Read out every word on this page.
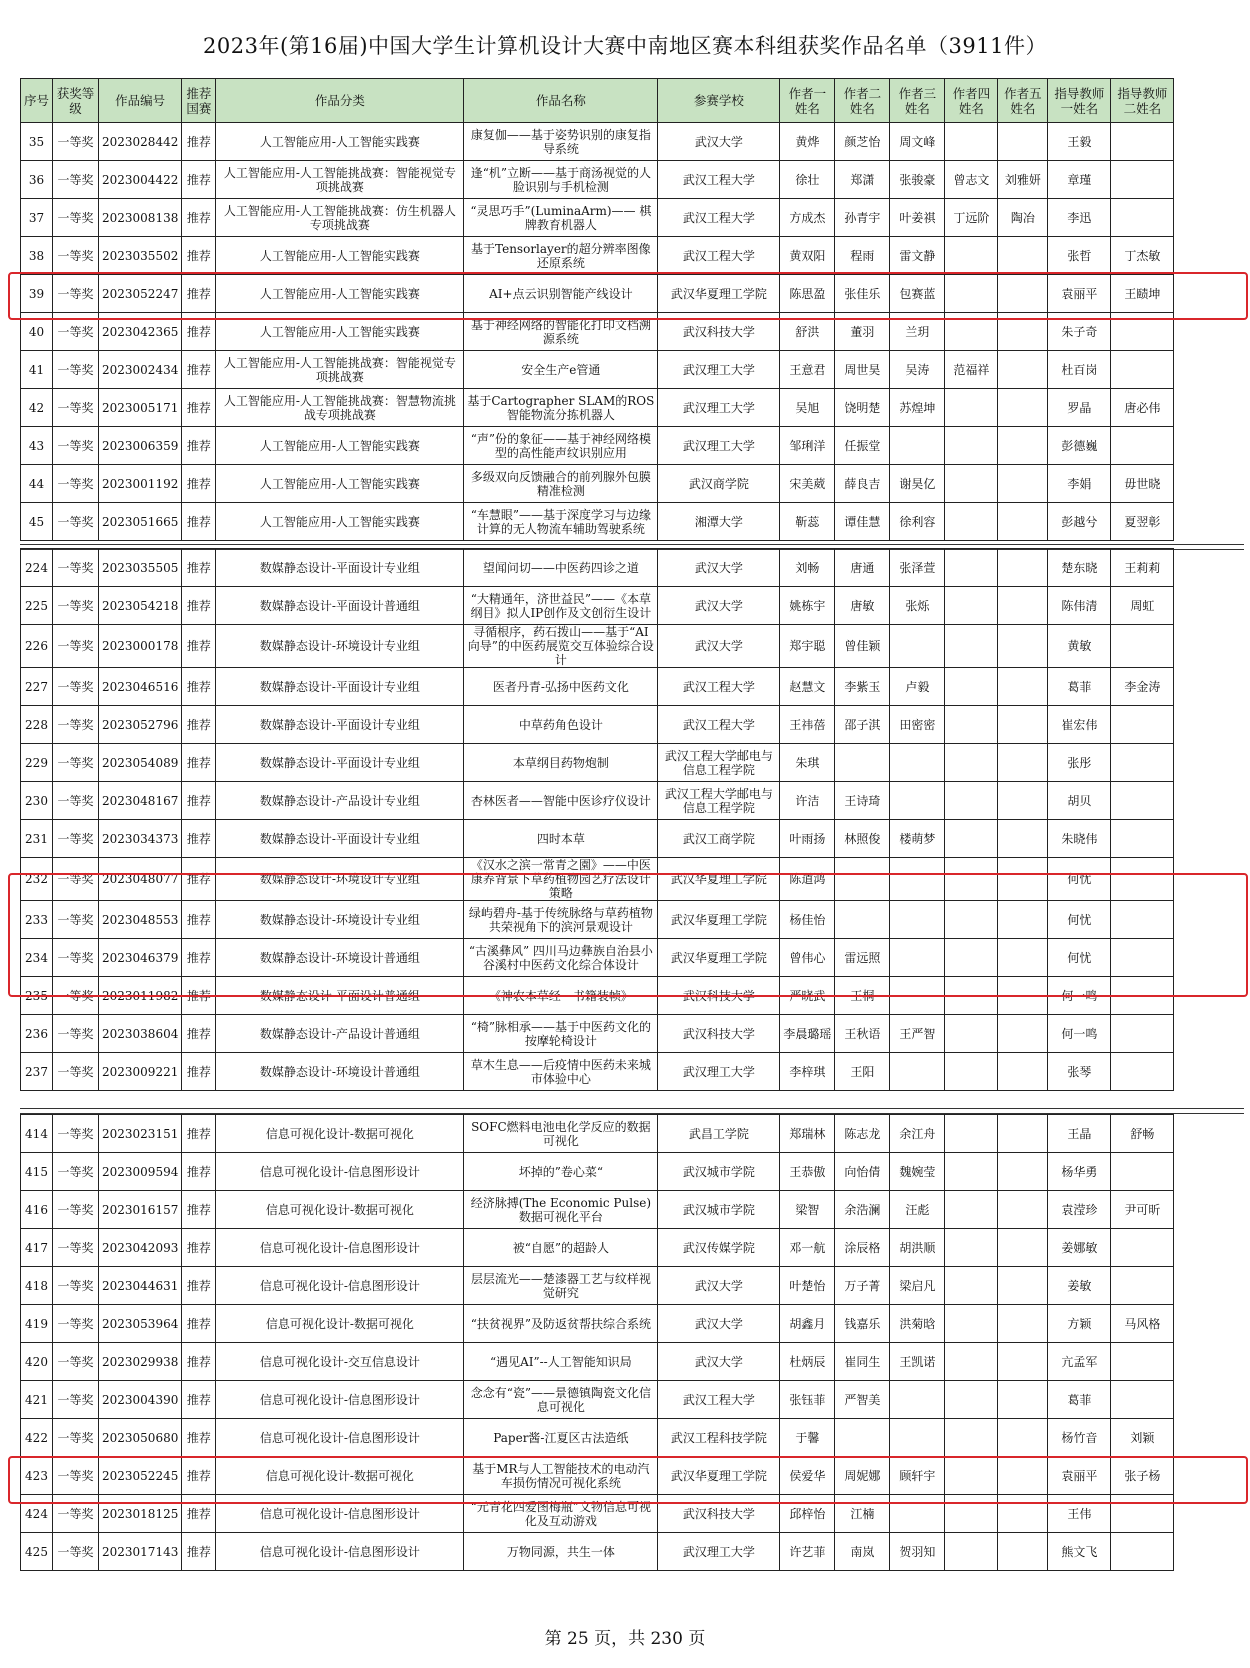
2023年(第16届)中国大学生计算机设计大赛中南地区赛本科组获奖作品名单（3911件）
序号	获奖等级	作品编号	推荐国赛	作品分类	作品名称	参赛学校	作者一姓名	作者二姓名	作者三姓名	作者四姓名	作者五姓名	指导教师一姓名	指导教师二姓名
35	一等奖	2023028442	推荐	人工智能应用-人工智能实践赛	康复伽——基于姿势识别的康复指导系统	武汉大学	黄烨	颜芝怡	周文峰			王毅	
36	一等奖	2023004422	推荐	人工智能应用-人工智能挑战赛：智能视觉专项挑战赛	逢“机”立断——基于商汤视觉的人脸识别与手机检测	武汉工程大学	徐壮	郑潇	张骏豪	曾志文	刘雅妍	章瑾	
37	一等奖	2023008138	推荐	人工智能应用-人工智能挑战赛：仿生机器人专项挑战赛	“灵思巧手”(LuminaArm)—— 棋牌教育机器人	武汉工程大学	方成杰	孙青宇	叶姜祺	丁远阶	陶冶	李迅	
38	一等奖	2023035502	推荐	人工智能应用-人工智能实践赛	基于Tensorlayer的超分辨率图像还原系统	武汉工程大学	黄双阳	程雨	雷文静			张哲	丁杰敏
39	一等奖	2023052247	推荐	人工智能应用-人工智能实践赛	AI+点云识别智能产线设计	武汉华夏理工学院	陈思盈	张佳乐	包赛蓝			袁丽平	王赜坤
40	一等奖	2023042365	推荐	人工智能应用-人工智能实践赛	基于神经网络的智能化打印文档溯源系统	武汉科技大学	舒洪	董羽	兰玥			朱子奇	
41	一等奖	2023002434	推荐	人工智能应用-人工智能挑战赛：智能视觉专项挑战赛	安全生产e管通	武汉理工大学	王意君	周世昊	吴涛	范福祥		杜百岗	
42	一等奖	2023005171	推荐	人工智能应用-人工智能挑战赛：智慧物流挑战专项挑战赛	基于Cartographer SLAM的ROS智能物流分拣机器人	武汉理工大学	吴旭	饶明楚	苏煌坤			罗晶	唐必伟
43	一等奖	2023006359	推荐	人工智能应用-人工智能实践赛	“声”份的象征——基于神经网络模型的高性能声纹识别应用	武汉理工大学	邹琍洋	任振堂				彭德巍	
44	一等奖	2023001192	推荐	人工智能应用-人工智能实践赛	多级双向反馈融合的前列腺外包膜精准检测	武汉商学院	宋美葳	薛良吉	谢昊亿			李娟	毋世晓
45	一等奖	2023051665	推荐	人工智能应用-人工智能实践赛	“车慧眼”——基于深度学习与边缘计算的无人物流车辅助驾驶系统	湘潭大学	靳蕊	谭佳慧	徐利容			彭越兮	夏翌彰
224	一等奖	2023035505	推荐	数媒静态设计-平面设计专业组	望闻问切——中医药四诊之道	武汉大学	刘畅	唐通	张泽萱			楚东晓	王莉莉
225	一等奖	2023054218	推荐	数媒静态设计-平面设计普通组	“大精通年，济世益民”——《本草纲目》拟人IP创作及文创衍生设计	武汉大学	姚栋宇	唐敏	张烁			陈伟清	周虹
226	一等奖	2023000178	推荐	数媒静态设计-环境设计专业组	寻循根序，药石拨山——基于“AI向导”的中医药展览交互体验综合设计	武汉大学	郑宇聪	曾佳颖				黄敏	
227	一等奖	2023046516	推荐	数媒静态设计-平面设计专业组	医者丹青-弘扬中医药文化	武汉工程大学	赵慧文	李紫玉	卢毅			葛菲	李金涛
228	一等奖	2023052796	推荐	数媒静态设计-平面设计专业组	中草药角色设计	武汉工程大学	王祎蓓	邵子淇	田密密			崔宏伟	
229	一等奖	2023054089	推荐	数媒静态设计-平面设计专业组	本草纲目药物炮制	武汉工程大学邮电与信息工程学院	朱琪					张彤	
230	一等奖	2023048167	推荐	数媒静态设计-产品设计专业组	杏林医者——智能中医诊疗仪设计	武汉工程大学邮电与信息工程学院	许洁	王诗琦				胡贝	
231	一等奖	2023034373	推荐	数媒静态设计-平面设计专业组	四时本草	武汉工商学院	叶雨扬	林照俊	楼萌梦			朱晓伟	
232	一等奖	2023048077	推荐	数媒静态设计-环境设计专业组	《汉水之滨一常青之園》——中医康养背景下草药植物园艺疗法设计策略	武汉华夏理工学院	陈道鸿					何忧	
233	一等奖	2023048553	推荐	数媒静态设计-环境设计专业组	绿屿碧舟-基于传统脉络与草药植物共荣视角下的滨河景观设计	武汉华夏理工学院	杨佳怡					何忧	
234	一等奖	2023046379	推荐	数媒静态设计-环境设计普通组	“古溪彝风” 四川马边彝族自治县小谷溪村中医药文化综合体设计	武汉华夏理工学院	曾伟心	雷远照				何忧	
235	一等奖	2023011982	推荐	数媒静态设计-平面设计普通组	《神农本草经—书籍装帧》	武汉科技大学	严晓武	王桐				何一鸣	
236	一等奖	2023038604	推荐	数媒静态设计-产品设计普通组	“椅”脉相承——基于中医药文化的按摩轮椅设计	武汉科技大学	李晨璐瑶	王秋语	王严智			何一鸣	
237	一等奖	2023009221	推荐	数媒静态设计-环境设计普通组	草木生息——后疫情中医药未来城市体验中心	武汉理工大学	李梓琪	王阳				张琴	
414	一等奖	2023023151	推荐	信息可视化设计-数据可视化	SOFC燃料电池电化学反应的数据可视化	武昌工学院	郑瑞林	陈志龙	余江舟			王晶	舒畅
415	一等奖	2023009594	推荐	信息可视化设计-信息图形设计	坏掉的”卷心菜“	武汉城市学院	王恭傲	向怡倩	魏婉莹			杨华勇	
416	一等奖	2023016157	推荐	信息可视化设计-数据可视化	经济脉搏(The Economic Pulse) 数据可视化平台	武汉城市学院	梁智	余浩澜	汪彪			袁滢珍	尹可昕
417	一等奖	2023042093	推荐	信息可视化设计-信息图形设计	被“自愿”的超龄人	武汉传媒学院	邓一航	涂辰格	胡洪顺			姜娜敏	
418	一等奖	2023044631	推荐	信息可视化设计-信息图形设计	层层流光——楚漆器工艺与纹样视觉研究	武汉大学	叶楚怡	万子菁	梁启凡			姜敏	
419	一等奖	2023053964	推荐	信息可视化设计-数据可视化	“扶贫视界”及防返贫帮扶综合系统	武汉大学	胡鑫月	钱嘉乐	洪菊晗			方颖	马风格
420	一等奖	2023029938	推荐	信息可视化设计-交互信息设计	“遇见AI”--人工智能知识局	武汉大学	杜炳辰	崔同生	王凯诺			亢孟军	
421	一等奖	2023004390	推荐	信息可视化设计-信息图形设计	念念有“瓷”——景德镇陶瓷文化信息可视化	武汉工程大学	张钰菲	严智美				葛菲	
422	一等奖	2023050680	推荐	信息可视化设计-信息图形设计	Paper酱-江夏区古法造纸	武汉工程科技学院	于馨					杨竹音	刘颖
423	一等奖	2023052245	推荐	信息可视化设计-数据可视化	基于MR与人工智能技术的电动汽车损伤情况可视化系统	武汉华夏理工学院	侯爱华	周妮娜	顾轩宇			袁丽平	张子杨
424	一等奖	2023018125	推荐	信息可视化设计-信息图形设计	“元青花四爱图梅瓶”文物信息可视化及互动游戏	武汉科技大学	邱梓怡	江楠				王伟	
425	一等奖	2023017143	推荐	信息可视化设计-信息图形设计	万物同源，共生一体	武汉理工大学	许艺菲	南岚	贺羽知			熊文飞	
第 25 页，共 230 页
